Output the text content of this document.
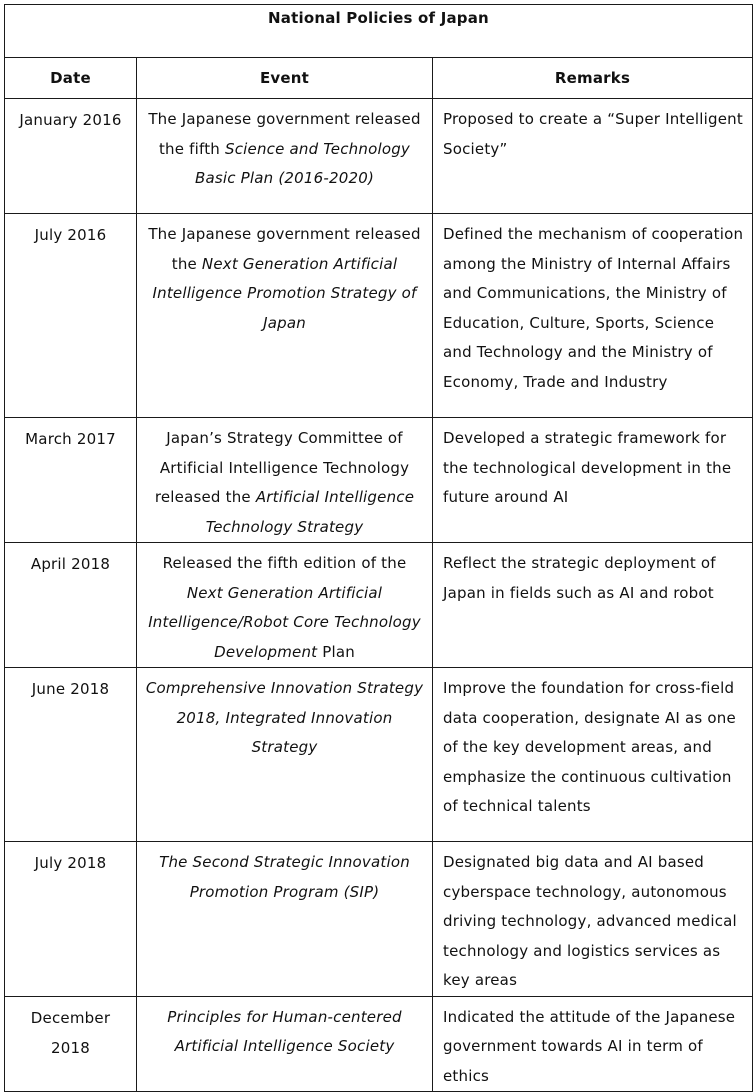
National Policies of Japan		
Date	Event	Remarks
January 2016	The Japanese government released the fifth Science and Technology Basic Plan (2016-2020)	Proposed to create a “Super Intelligent Society”
July 2016	The Japanese government released the Next Generation Artificial Intelligence Promotion Strategy of Japan	Defined the mechanism of cooperation among the Ministry of Internal Affairs and Communications, the Ministry of Education, Culture, Sports, Science and Technology and the Ministry of Economy, Trade and Industry
March 2017	Japan’s Strategy Committee of Artificial Intelligence Technology released the Artificial Intelligence Technology Strategy	Developed a strategic framework for the technological development in the future around AI
April 2018	Released the fifth edition of the Next Generation Artificial Intelligence/Robot Core Technology Development Plan	Reflect the strategic deployment of Japan in fields such as AI and robot
June 2018	Comprehensive Innovation Strategy 2018, Integrated Innovation Strategy	Improve the foundation for cross-field data cooperation, designate AI as one of the key development areas, and emphasize the continuous cultivation of technical talents
July 2018	The Second Strategic Innovation Promotion Program (SIP)	Designated big data and AI based cyberspace technology, autonomous driving technology, advanced medical technology and logistics services as key areas
December 2018	Principles for Human-centered Artificial Intelligence Society	Indicated the attitude of the Japanese government towards AI in term of ethics
